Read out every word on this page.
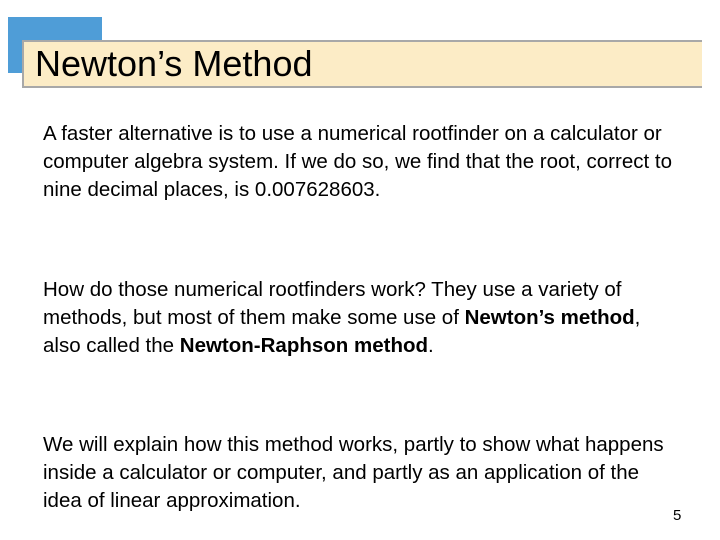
Newton’s Method

A faster alternative is to use a numerical rootfinder on a calculator or computer algebra system. If we do so, we find that the root, correct to nine decimal places, is 0.007628603.

How do those numerical rootfinders work? They use a variety of methods, but most of them make some use of Newton’s method, also called the Newton-Raphson method.

We will explain how this method works, partly to show what happens inside a calculator or computer, and partly as an application of the idea of linear approximation.

5
